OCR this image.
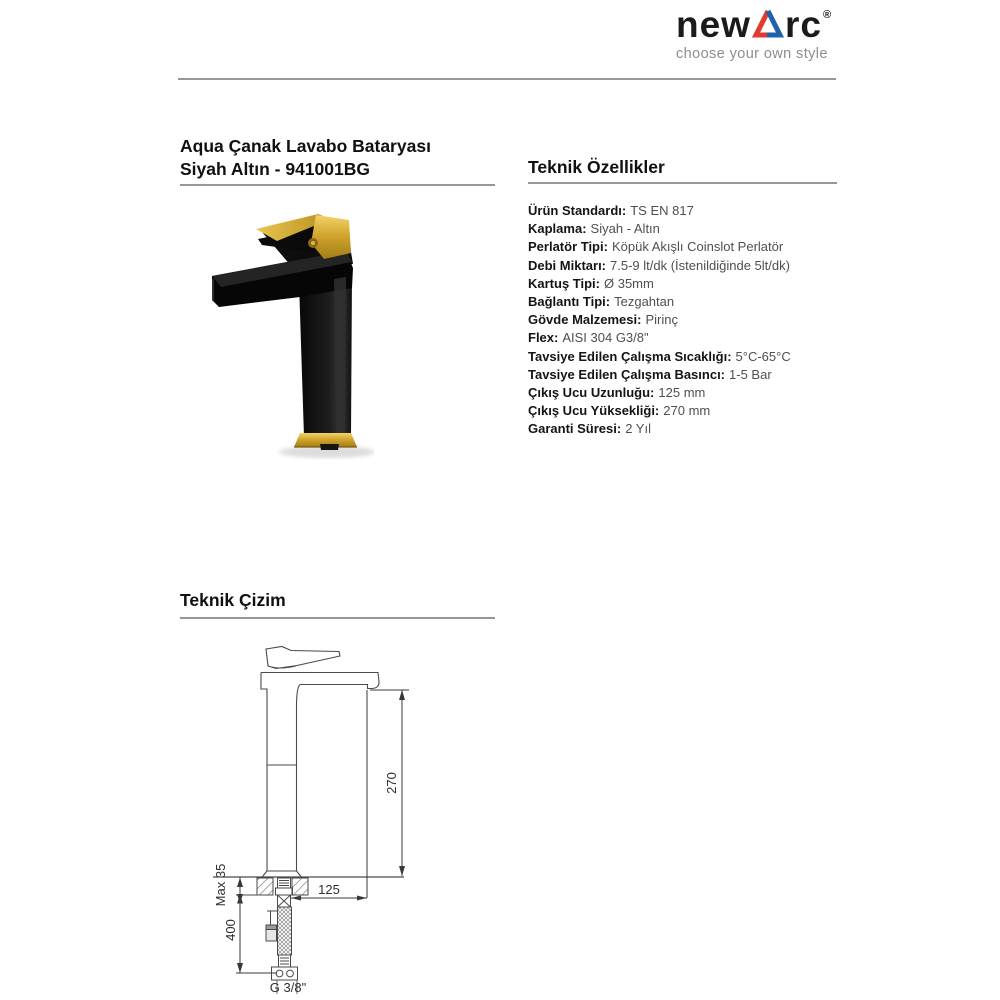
new rc ®
choose your own style
Aqua Çanak Lavabo Bataryası
Siyah Altın - 941001BG	Teknik Özellikler
Ürün Standardı: TS EN 817
Kaplama: Siyah - Altın
Perlatör Tipi: Köpük Akışlı Coinslot Perlatör
Debi Miktarı: 7.5-9 lt/dk (İstenildiğinde 5lt/dk)
Kartuş Tipi: Ø 35mm
Bağlantı Tipi: Tezgahtan
Gövde Malzemesi: Pirinç
Flex: AISI 304 G3/8"
Tavsiye Edilen Çalışma Sıcaklığı: 5°C-65°C
Tavsiye Edilen Çalışma Basıncı: 1-5 Bar
Çıkış Ucu Uzunluğu: 125 mm
Çıkış Ucu Yüksekliği: 270 mm
Garanti Süresi: 2 Yıl
Teknik Çizim
270
125
Max 35
400
G 3/8"
